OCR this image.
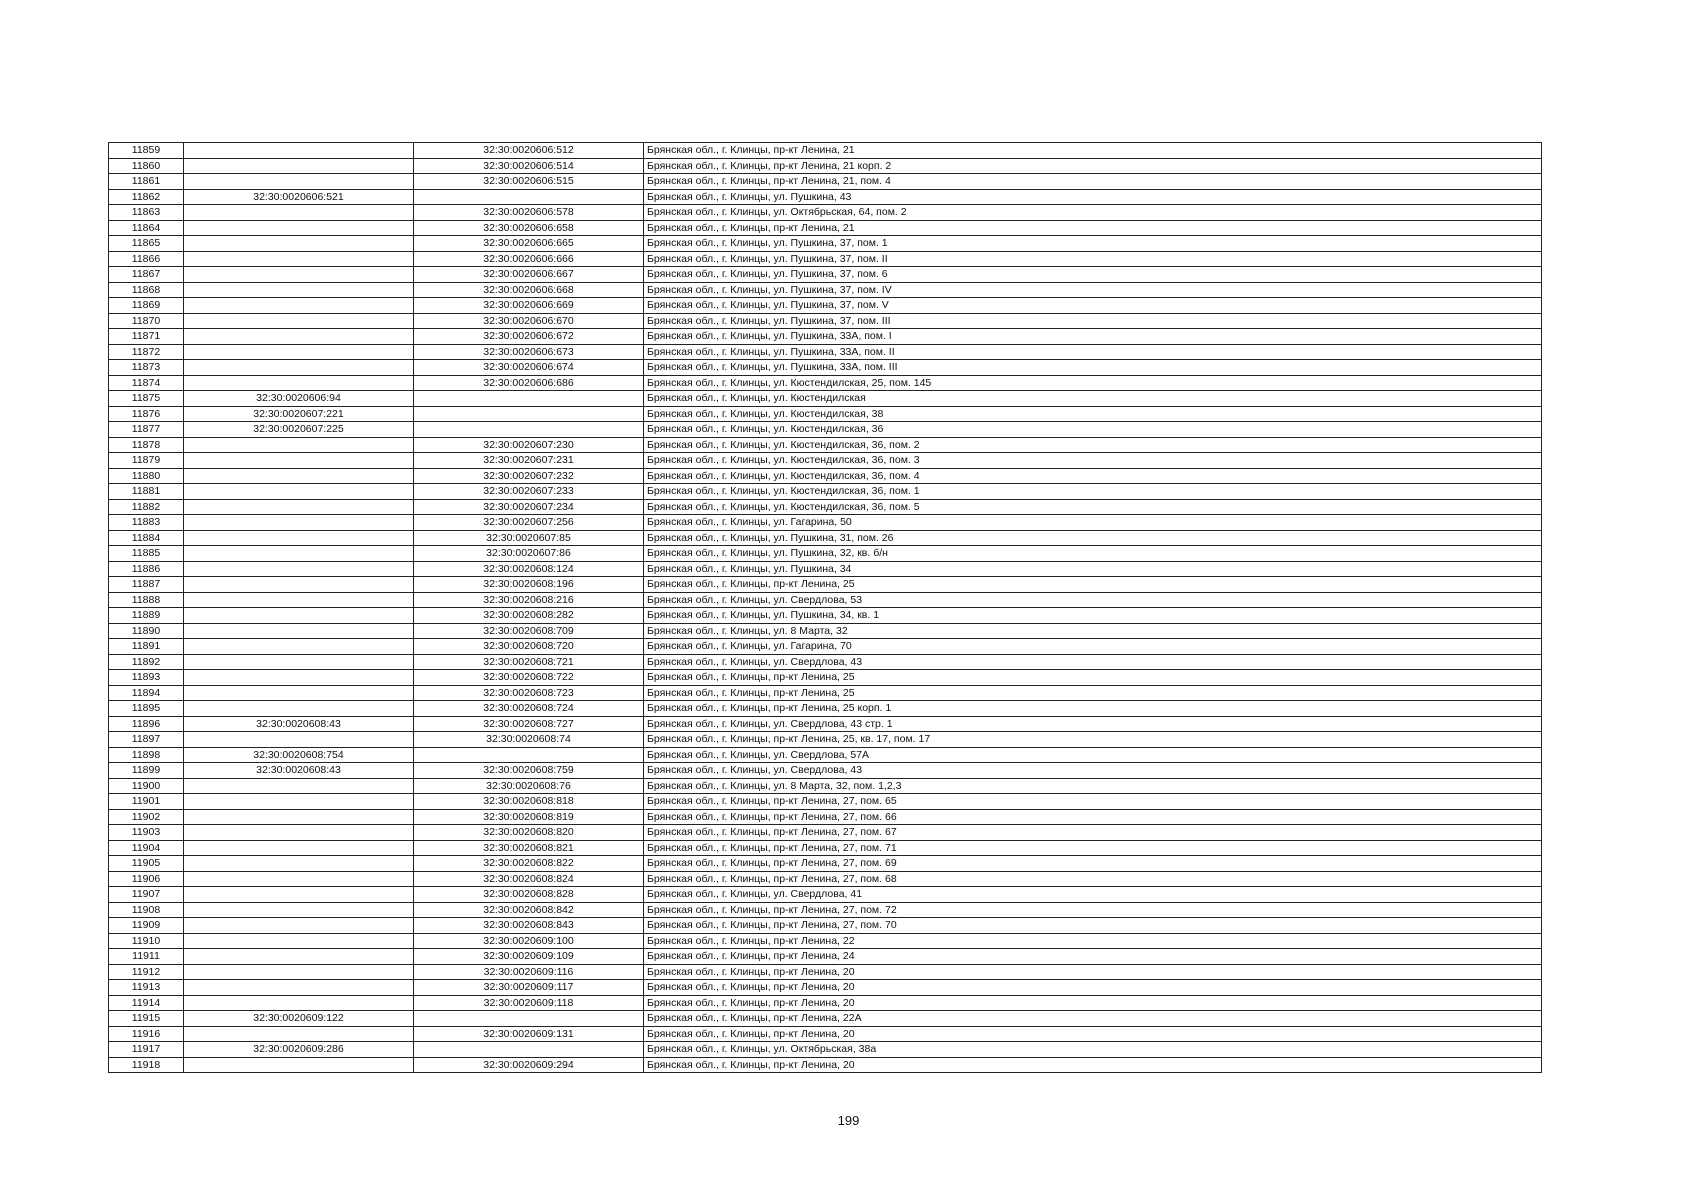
11859		32:30:0020606:512	Брянская обл., г. Клинцы, пр-кт Ленина, 21
11860		32:30:0020606:514	Брянская обл., г. Клинцы, пр-кт Ленина, 21 корп. 2
11861		32:30:0020606:515	Брянская обл., г. Клинцы, пр-кт Ленина, 21, пом. 4
11862	32:30:0020606:521		Брянская обл., г. Клинцы, ул. Пушкина, 43
11863		32:30:0020606:578	Брянская обл., г. Клинцы, ул. Октябрьская, 64, пом. 2
11864		32:30:0020606:658	Брянская обл., г. Клинцы, пр-кт Ленина, 21
11865		32:30:0020606:665	Брянская обл., г. Клинцы, ул. Пушкина, 37, пом. 1
11866		32:30:0020606:666	Брянская обл., г. Клинцы, ул. Пушкина, 37, пом. II
11867		32:30:0020606:667	Брянская обл., г. Клинцы, ул. Пушкина, 37, пом. 6
11868		32:30:0020606:668	Брянская обл., г. Клинцы, ул. Пушкина, 37, пом. IV
11869		32:30:0020606:669	Брянская обл., г. Клинцы, ул. Пушкина, 37, пом. V
11870		32:30:0020606:670	Брянская обл., г. Клинцы, ул. Пушкина, 37, пом. III
11871		32:30:0020606:672	Брянская обл., г. Клинцы, ул. Пушкина, 33А, пом. I
11872		32:30:0020606:673	Брянская обл., г. Клинцы, ул. Пушкина, 33А, пом. II
11873		32:30:0020606:674	Брянская обл., г. Клинцы, ул. Пушкина, 33А, пом. III
11874		32:30:0020606:686	Брянская обл., г. Клинцы, ул. Кюстендилская, 25, пом. 145
11875	32:30:0020606:94		Брянская обл., г. Клинцы, ул. Кюстендилская
11876	32:30:0020607:221		Брянская обл., г. Клинцы, ул. Кюстендилская, 38
11877	32:30:0020607:225		Брянская обл., г. Клинцы, ул. Кюстендилская, 36
11878		32:30:0020607:230	Брянская обл., г. Клинцы, ул. Кюстендилская, 36, пом. 2
11879		32:30:0020607:231	Брянская обл., г. Клинцы, ул. Кюстендилская, 36, пом. 3
11880		32:30:0020607:232	Брянская обл., г. Клинцы, ул. Кюстендилская, 36, пом. 4
11881		32:30:0020607:233	Брянская обл., г. Клинцы, ул. Кюстендилская, 36, пом. 1
11882		32:30:0020607:234	Брянская обл., г. Клинцы, ул. Кюстендилская, 36, пом. 5
11883		32:30:0020607:256	Брянская обл., г. Клинцы, ул. Гагарина, 50
11884		32:30:0020607:85	Брянская обл., г. Клинцы, ул. Пушкина, 31, пом. 26
11885		32:30:0020607:86	Брянская обл., г. Клинцы, ул. Пушкина, 32, кв. б/н
11886		32:30:0020608:124	Брянская обл., г. Клинцы, ул. Пушкина, 34
11887		32:30:0020608:196	Брянская обл., г. Клинцы, пр-кт Ленина, 25
11888		32:30:0020608:216	Брянская обл., г. Клинцы, ул. Свердлова, 53
11889		32:30:0020608:282	Брянская обл., г. Клинцы, ул. Пушкина, 34, кв. 1
11890		32:30:0020608:709	Брянская обл., г. Клинцы, ул. 8 Марта, 32
11891		32:30:0020608:720	Брянская обл., г. Клинцы, ул. Гагарина, 70
11892		32:30:0020608:721	Брянская обл., г. Клинцы, ул. Свердлова, 43
11893		32:30:0020608:722	Брянская обл., г. Клинцы, пр-кт Ленина, 25
11894		32:30:0020608:723	Брянская обл., г. Клинцы, пр-кт Ленина, 25
11895		32:30:0020608:724	Брянская обл., г. Клинцы, пр-кт Ленина, 25 корп. 1
11896	32:30:0020608:43	32:30:0020608:727	Брянская обл., г. Клинцы, ул. Свердлова, 43 стр. 1
11897		32:30:0020608:74	Брянская обл., г. Клинцы, пр-кт Ленина, 25, кв. 17, пом. 17
11898	32:30:0020608:754		Брянская обл., г. Клинцы, ул. Свердлова, 57А
11899	32:30:0020608:43	32:30:0020608:759	Брянская обл., г. Клинцы, ул. Свердлова, 43
11900		32:30:0020608:76	Брянская обл., г. Клинцы, ул. 8 Марта, 32, пом. 1,2,3
11901		32:30:0020608:818	Брянская обл., г. Клинцы, пр-кт Ленина, 27, пом. 65
11902		32:30:0020608:819	Брянская обл., г. Клинцы, пр-кт Ленина, 27, пом. 66
11903		32:30:0020608:820	Брянская обл., г. Клинцы, пр-кт Ленина, 27, пом. 67
11904		32:30:0020608:821	Брянская обл., г. Клинцы, пр-кт Ленина, 27, пом. 71
11905		32:30:0020608:822	Брянская обл., г. Клинцы, пр-кт Ленина, 27, пом. 69
11906		32:30:0020608:824	Брянская обл., г. Клинцы, пр-кт Ленина, 27, пом. 68
11907		32:30:0020608:828	Брянская обл., г. Клинцы, ул. Свердлова, 41
11908		32:30:0020608:842	Брянская обл., г. Клинцы, пр-кт Ленина, 27, пом. 72
11909		32:30:0020608:843	Брянская обл., г. Клинцы, пр-кт Ленина, 27, пом. 70
11910		32:30:0020609:100	Брянская обл., г. Клинцы, пр-кт Ленина, 22
11911		32:30:0020609:109	Брянская обл., г. Клинцы, пр-кт Ленина, 24
11912		32:30:0020609:116	Брянская обл., г. Клинцы, пр-кт Ленина, 20
11913		32:30:0020609:117	Брянская обл., г. Клинцы, пр-кт Ленина, 20
11914		32:30:0020609:118	Брянская обл., г. Клинцы, пр-кт Ленина, 20
11915	32:30:0020609:122		Брянская обл., г. Клинцы, пр-кт Ленина, 22А
11916		32:30:0020609:131	Брянская обл., г. Клинцы, пр-кт Ленина, 20
11917	32:30:0020609:286		Брянская обл., г. Клинцы, ул. Октябрьская, 38а
11918		32:30:0020609:294	Брянская обл., г. Клинцы, пр-кт Ленина, 20
199
